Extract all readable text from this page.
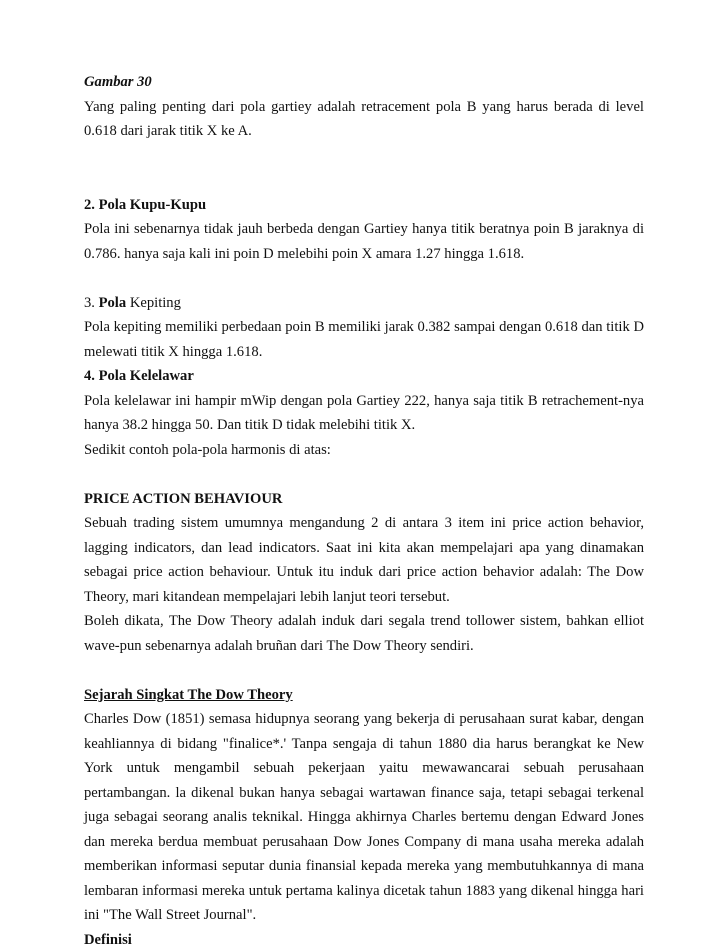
Gambar 30

Yang paling penting dari pola gartiey adalah retracement pola B yang harus berada di level 0.618 dari jarak titik X ke A.

2. Pola Kupu-Kupu

Pola ini sebenarnya tidak jauh berbeda dengan Gartiey hanya titik beratnya poin B jaraknya di 0.786. hanya saja kali ini poin D melebihi poin X amara 1.27 hingga 1.618.

3. Pola Kepiting

Pola kepiting memiliki perbedaan poin B memiliki jarak 0.382 sampai dengan 0.618 dan titik D melewati titik X hingga 1.618.

4. Pola Kelelawar

Pola kelelawar ini hampir mWip dengan pola Gartiey 222, hanya saja titik B retrachement-nya hanya 38.2 hingga 50. Dan titik D tidak melebihi titik X.

Sedikit contoh pola-pola harmonis di atas:

PRICE ACTION BEHAVIOUR

Sebuah trading sistem umumnya mengandung 2 di antara 3 item ini price action behavior, lagging indicators, dan lead indicators. Saat ini kita akan mempelajari apa yang dinamakan sebagai price action behaviour. Untuk itu induk dari price action behavior adalah: The Dow Theory, mari kitandean mempelajari lebih lanjut teori tersebut.

Boleh dikata, The Dow Theory adalah induk dari segala trend tollower sistem, bahkan elliot wave-pun sebenarnya adalah bruñan dari The Dow Theory sendiri.

Sejarah Singkat The Dow Theory

Charles Dow (1851) semasa hidupnya seorang yang bekerja di perusahaan surat kabar, dengan keahliannya di bidang "finalice*.' Tanpa sengaja di tahun 1880 dia harus berangkat ke New York untuk mengambil sebuah pekerjaan yaitu mewawancarai sebuah perusahaan pertambangan. la dikenal bukan hanya sebagai wartawan finance saja, tetapi sebagai terkenal juga sebagai seorang analis teknikal. Hingga akhirnya Charles bertemu dengan Edward Jones dan mereka berdua membuat perusahaan Dow Jones Company di mana usaha mereka adalah memberikan informasi seputar dunia finansial kepada mereka yang membutuhkannya di mana lembaran informasi mereka untuk pertama kalinya dicetak tahun 1883 yang dikenal hingga hari ini "The Wall Street Journal".

Definisi
